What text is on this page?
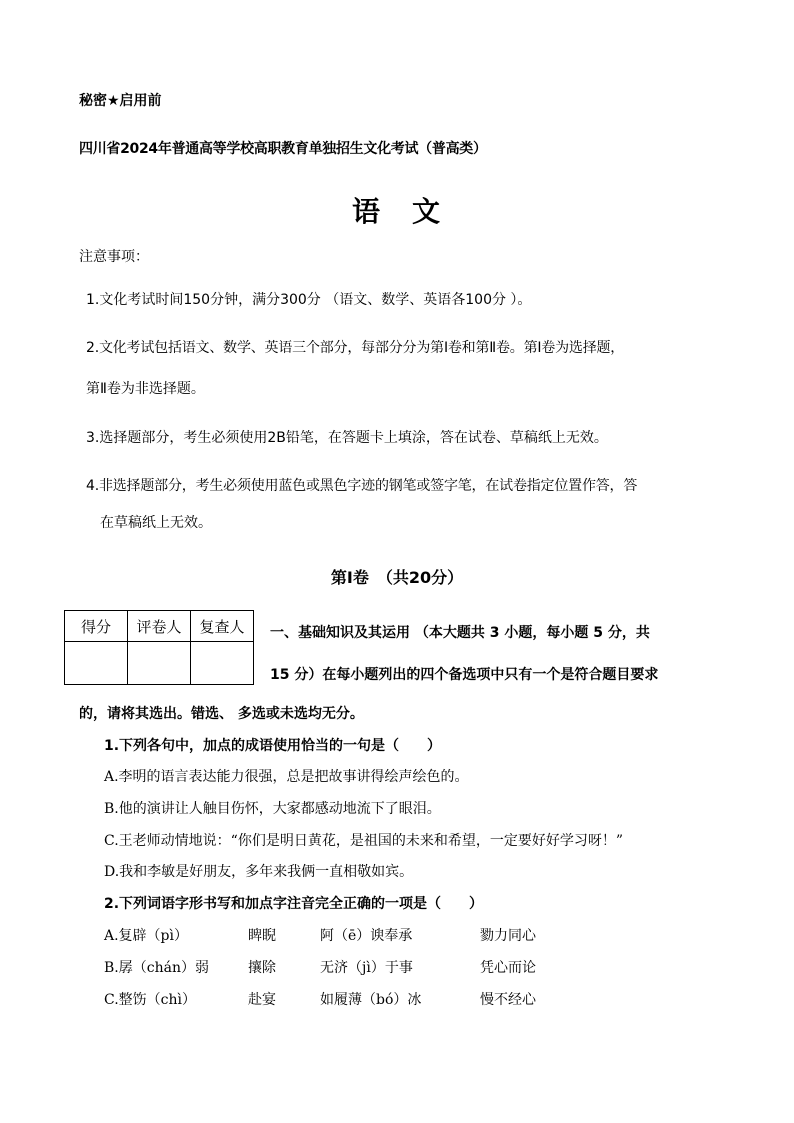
秘密★启用前
四川省2024年普通高等学校高职教育单独招生文化考试（普高类）
语　文
注意事项：
1.文化考试时间150分钟，满分300分 （语文、数学、英语各100分 ）。
2.文化考试包括语文、数学、英语三个部分，每部分分为第Ⅰ卷和第Ⅱ卷。第Ⅰ卷为选择题，
第Ⅱ卷为非选择题。
3.选择题部分，考生必须使用2B铅笔，在答题卡上填涂，答在试卷、草稿纸上无效。
4.非选择题部分，考生必须使用蓝色或黑色字迹的钢笔或签字笔，在试卷指定位置作答，答
在草稿纸上无效。
第Ⅰ卷　（共20分）
得分	评卷人	复查人
		一、基础知识及其运用 （本大题共 3 小题，每小题 5 分，共
15 分）在每小题列出的四个备选项中只有一个是符合题目要求
的，请将其选出。错选、 多选或未选均无分。
1.下列各句中，加点的成语使用恰当的一句是（　　）
A.李明的语言表达能力很强，总是把故事讲得绘声绘色的。
B.他的演讲让人触目伤怀，大家都感动地流下了眼泪。
C.王老师动情地说：“你们是明日黄花，是祖国的未来和希望，一定要好好学习呀！”
D.我和李敏是好朋友，多年来我俩一直相敬如宾。
2.下列词语字形书写和加点字注音完全正确的一项是（　　）
A.复辟（pì）	睥睨	阿（ē）谀奉承	勠力同心
B.孱（chán）弱	攘除	无济（jì）于事	凭心而论
C.整饬（chì）	赴宴	如履薄（bó）冰	慢不经心
